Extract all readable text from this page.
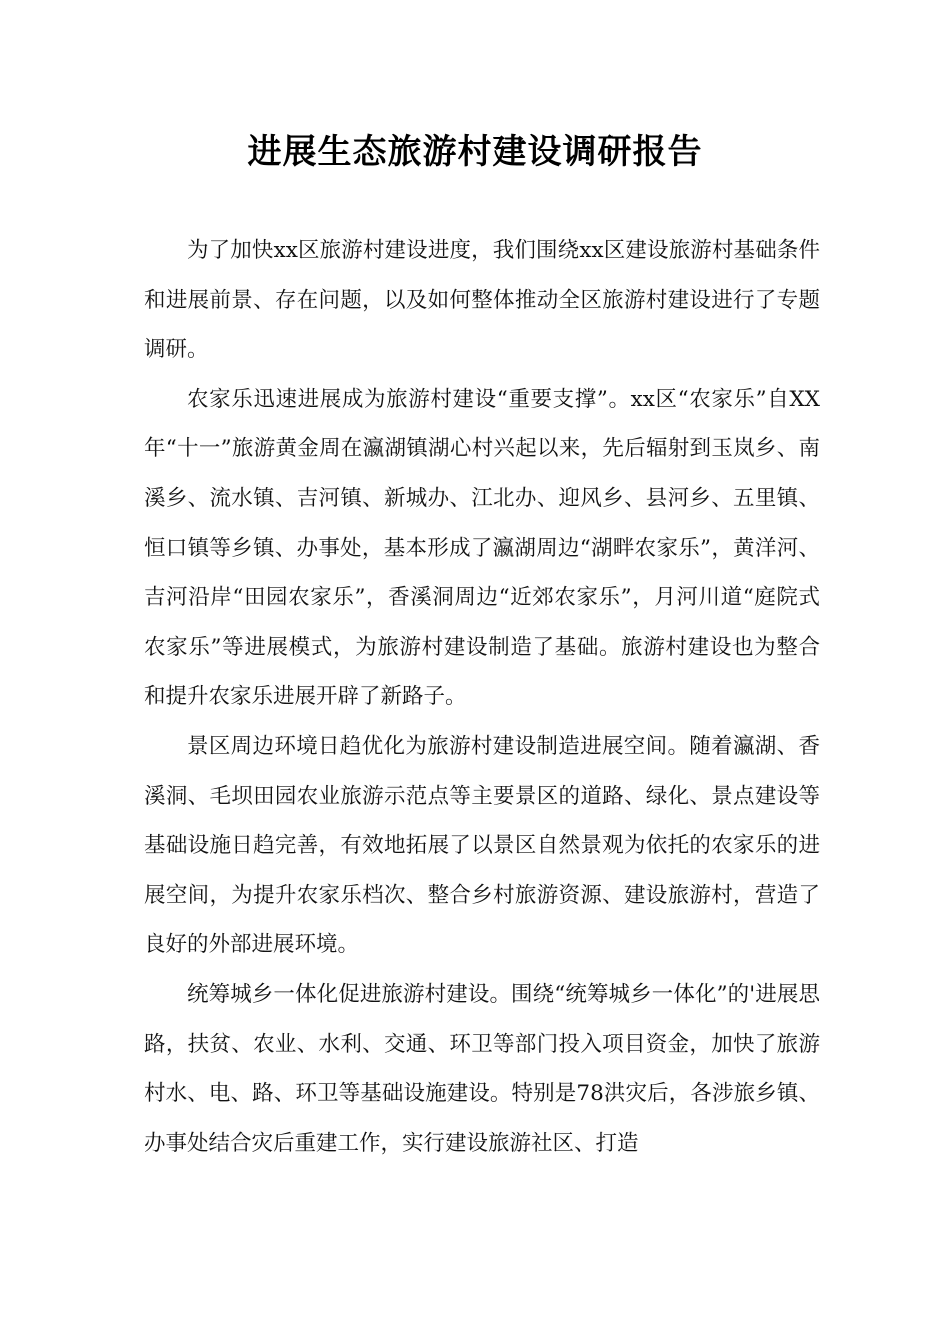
进展生态旅游村建设调研报告

为了加快xx区旅游村建设进度，我们围绕xx区建设旅游村基础条件和进展前景、存在问题，以及如何整体推动全区旅游村建设进行了专题调研。

农家乐迅速进展成为旅游村建设“重要支撑”。xx区“农家乐”自XX年“十一”旅游黄金周在瀛湖镇湖心村兴起以来，先后辐射到玉岚乡、南溪乡、流水镇、吉河镇、新城办、江北办、迎风乡、县河乡、五里镇、恒口镇等乡镇、办事处，基本形成了瀛湖周边“湖畔农家乐”，黄洋河、吉河沿岸“田园农家乐”，香溪洞周边“近郊农家乐”，月河川道“庭院式农家乐”等进展模式，为旅游村建设制造了基础。旅游村建设也为整合和提升农家乐进展开辟了新路子。

景区周边环境日趋优化为旅游村建设制造进展空间。随着瀛湖、香溪洞、毛坝田园农业旅游示范点等主要景区的道路、绿化、景点建设等基础设施日趋完善，有效地拓展了以景区自然景观为依托的农家乐的进展空间，为提升农家乐档次、整合乡村旅游资源、建设旅游村，营造了良好的外部进展环境。

统筹城乡一体化促进旅游村建设。围绕“统筹城乡一体化”的'进展思路，扶贫、农业、水利、交通、环卫等部门投入项目资金，加快了旅游村水、电、路、环卫等基础设施建设。特别是78洪灾后，各涉旅乡镇、办事处结合灾后重建工作，实行建设旅游社区、打造
